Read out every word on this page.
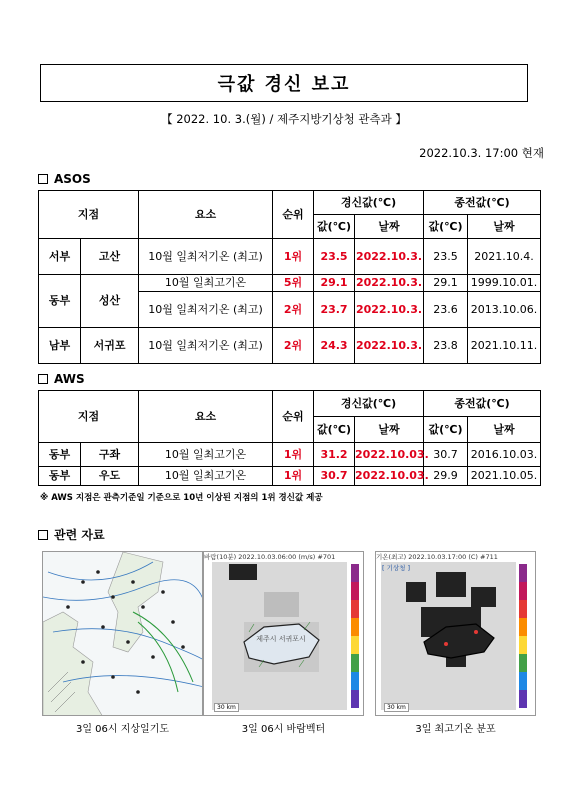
극값 경신 보고
【 2022. 10. 3.(월) / 제주지방기상청 관측과 】
2022.10.3. 17:00 현재
ASOS
지점		요소	순위	경신값(℃)		종전값(℃)	
				값(℃)	날짜	값(℃)	날짜
서부	고산	10월 일최저기온 (최고)	1위	23.5	2022.10.3.	23.5	2021.10.4.
동부	성산	10월 일최고기온	5위	29.1	2022.10.3.	29.1	1999.10.01.
		10월 일최저기온 (최고)	2위	23.7	2022.10.3.	23.6	2013.10.06.
남부	서귀포	10월 일최저기온 (최고)	2위	24.3	2022.10.3.	23.8	2021.10.11.
AWS
지점		요소	순위	경신값(℃)		종전값(℃)	
				값(℃)	날짜	값(℃)	날짜
동부	구좌	10월 일최고기온	1위	31.2	2022.10.03.	30.7	2016.10.03.
동부	우도	10월 일최고기온	1위	30.7	2022.10.03.	29.9	2021.10.05.
※ AWS 지점은 관측기준일 기준으로 10년 이상된 지점의 1위 경신값 제공
관련 자료
3일 06시 지상일기도
바람(10분) 2022.10.03.06:00 (m/s) #701
제주시 서귀포시
30 km
3일 06시 바람벡터
기온(최고) 2022.10.03.17:00 (C) #711
[ 기상청 ]
30 km
3일 최고기온 분포
